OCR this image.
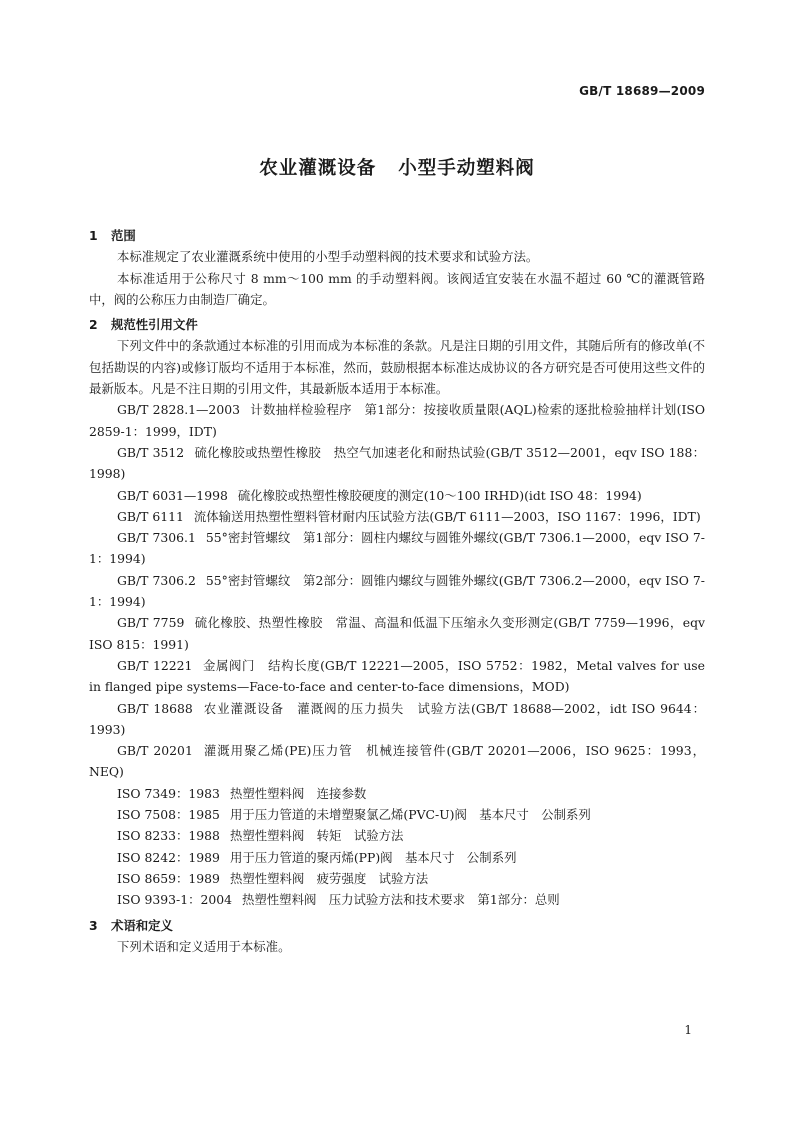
GB/T 18689—2009
农业灌溉设备 小型手动塑料阀
1 范围

本标准规定了农业灌溉系统中使用的小型手动塑料阀的技术要求和试验方法。

本标准适用于公称尺寸 8 mm～100 mm 的手动塑料阀。该阀适宜安装在水温不超过 60 ℃的灌溉管路中，阀的公称压力由制造厂确定。

2 规范性引用文件

下列文件中的条款通过本标准的引用而成为本标准的条款。凡是注日期的引用文件，其随后所有的修改单(不包括勘误的内容)或修订版均不适用于本标准，然而，鼓励根据本标准达成协议的各方研究是否可使用这些文件的最新版本。凡是不注日期的引用文件，其最新版本适用于本标准。

GB/T 2828.1—2003 计数抽样检验程序　第1部分：按接收质量限(AQL)检索的逐批检验抽样计划(ISO 2859-1：1999，IDT)

GB/T 3512 硫化橡胶或热塑性橡胶　热空气加速老化和耐热试验(GB/T 3512—2001，eqv ISO 188：1998)

GB/T 6031—1998 硫化橡胶或热塑性橡胶硬度的测定(10～100 IRHD)(idt ISO 48：1994)

GB/T 6111 流体输送用热塑性塑料管材耐内压试验方法(GB/T 6111—2003，ISO 1167：1996，IDT)

GB/T 7306.1 55°密封管螺纹　第1部分：圆柱内螺纹与圆锥外螺纹(GB/T 7306.1—2000，eqv ISO 7-1：1994)

GB/T 7306.2 55°密封管螺纹　第2部分：圆锥内螺纹与圆锥外螺纹(GB/T 7306.2—2000，eqv ISO 7-1：1994)

GB/T 7759 硫化橡胶、热塑性橡胶　常温、高温和低温下压缩永久变形测定(GB/T 7759—1996，eqv ISO 815：1991)

GB/T 12221 金属阀门　结构长度(GB/T 12221—2005，ISO 5752：1982，Metal valves for use in flanged pipe systems—Face-to-face and center-to-face dimensions，MOD)

GB/T 18688 农业灌溉设备　灌溉阀的压力损失　试验方法(GB/T 18688—2002，idt ISO 9644：1993)

GB/T 20201 灌溉用聚乙烯(PE)压力管　机械连接管件(GB/T 20201—2006，ISO 9625：1993，NEQ)

ISO 7349：1983 热塑性塑料阀　连接参数

ISO 7508：1985 用于压力管道的未增塑聚氯乙烯(PVC-U)阀　基本尺寸　公制系列

ISO 8233：1988 热塑性塑料阀　转矩　试验方法

ISO 8242：1989 用于压力管道的聚丙烯(PP)阀　基本尺寸　公制系列

ISO 8659：1989 热塑性塑料阀　疲劳强度　试验方法

ISO 9393-1：2004 热塑性塑料阀　压力试验方法和技术要求　第1部分：总则

3 术语和定义

下列术语和定义适用于本标准。

1
